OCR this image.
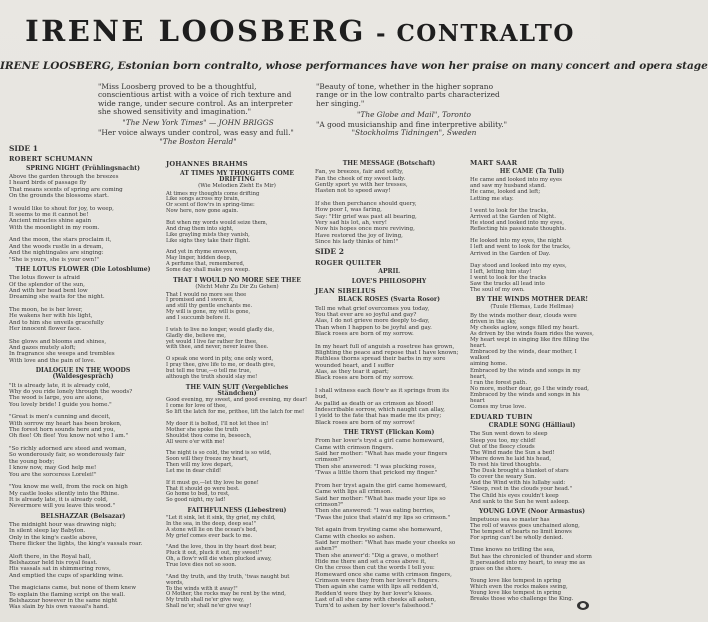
IRENE LOOSBERG - CONTRALTO
IRENE LOOSBERG, Estonian born contralto, whose performances have won her praise on many concert and opera stage

"Miss Loosberg proved to be a thoughtful, conscientious artist with a voice of rich texture and wide range, under secure control. As an interpreter she showed sensitivity and imagination."

"The New York Times" — JOHN BRIGGS

"Her voice always under control, was easy and full."

"The Boston Herald"

"Beauty of tone, whether in the higher soprano range or in the low contralto parts characterized her singing."

"The Globe and Mail", Toronto

"A good musicianship and fine interpretive ability."

"Stockholms Tidningen", Sweden
SIDE 1
ROBERT SCHUMANN
SPRING NIGHT (Frühlingsnacht)
Above the garden through the breezes
I heard birds of passage fly
That means scents of spring are coming
On the grounds the blossoms start.

I would like to shout for joy, to weep,
It seems to me it cannot be!
Ancient miracles shine again
With the moonlight in my room.

And the moon, the stars proclaim it,
And the woods rustle in a dream,
And the nightingales are singing:
"She is yours, she is your own!"
THE LOTUS FLOWER (Die Lotosblume)
The lotus flower is afraid
Of the splendor of the sun,
And with her head bent low
Dreaming she waits for the night.

The moon, he is her lover,
He wakens her with his light,
And to him she unveils gracefully
Her innocent flower face.

She glows and blooms and shines,
And gazes mutely aloft;
In fragrance she weeps and trembles
With love and the pain of love.
DIALOGUE IN THE WOODS (Waldesgespräch)
"It is already late, it is already cold,
Why do you ride lonely through the woods?
The wood is large, you are alone,
You lovely bride! I guide you home."

"Great is men's cunning and deceit,
With sorrow my heart has been broken,
The forest horn sounds here and you,
Oh flee! Oh flee! You know not who I am."

"So richly adorned are steed and woman,
So wonderously fair, so wonderously fair
the young body;
I know now, may God help me!
You are the sorceress Lorelei!"

"You know me well, from the rock on high
My castle looks silently into the Rhine.
It is already late, it is already cold,
Nevermore will you leave this wood."
BELSHAZZAR (Belsazar)
The midnight hour was drawing nigh;
In silent sleep lay Babylon.
Only in the king's castle above,
There flicker the lights, the king's vassals roar.

Aloft there, in the Royal hall,
Belshazzar held his royal feast.
His vassals sat in shimmering rows,
And emptied the cups of sparkling wine.

The magicians came, but none of them knew
To explain the flaming script on the wall.
Belshazzar however in the same night
Was slain by his own vassal's hand.
JOHANNES BRAHMS
AT TIMES MY THOUGHTS COME DRIFTING
(Wie Melodien Zieht Es Mir)
At times my thoughts come drifting
Like songs across my brain,
Or scent of flow'rs in spring-time:
Now here, now gone again.

But when my words would seize them,
And drag them into sight,
Like grayling mists they vanish,
Like sighs they take their flight.

And yet in rhyme enwoven,
May linger, hidden deep,
A perfume that, remembered,
Some day shall make you weep.
THAT I WOULD NO MORE SEE THEE
(Nicht Mehr Zu Dir Zu Gehen)
That I would no more see thee
I promised and I swore it,
and still thy gentle enchants me.
My will is gone, my will is gone,
and I succumb before it.

I wish to live no longer, would gladly die,
Gladly die, believe me,
yet would I live far rather for thee,
with thee, and never, never leave thee.

O speak one word in pity, one only word,
I pray thee, give life to me, or death give,
but tell me true,—o tell me true,
although the truth should slay me!
THE VAIN SUIT (Vergebliches Ständchen)
Good evening, my sweet, and good evening, my dear!
I come for love of thee,
So lift the latch for me, prithee, lift the latch for me!

My door it is bolted, I'll not let thee in!
Mother she spoke the truth
Shouldst thou come in, beseech,
All were o'er with me!

The night is so cold, the wind is so wild,
Soon will they freeze my heart,
Then will my love depart,
Let me in dear child!

If it must go,—let thy love be gone!
That it should go were best.
Go home to bed, to rest,
So good night, my lad!
FAITHFULNESS (Liebestreu)
"Let it sink, let it sink, thy grief, my child,
In the sea, in the deep, deep sea!"
A stone will lie on the ocean's bed,
My grief comes ever back to me.

"And the love, thou in thy heart dost bear,
Pluck it out, pluck it out, my sweet!"
Oh, a flow'r will die when plucked away,
True love dies not so soon.

"And thy truth, and thy truth, 'twas naught but words,
To the winds with it away!"
O Mother, the rocks may be rent by the wind,
My truth shall ne'er give way,
Shall ne'er, shall ne'er give way!
THE MESSAGE (Botschaft)
Fan, ye breezes, fair and softly,
Fan the cheek of my sweet lady.
Gently sport ye with her tresses,
Hasten not to speed away!

If she then perchance should query,
How poor I, was faring,
Say: "Hir grief was past all bearing,
Very sad his lot, ah, very!
Now his hopes once more reviving,
Have restored the joy of living,
Since his lady thinks of him!"
SIDE 2
ROGER QUILTER
APRIL
LOVE'S PHILOSOPHY
JEAN SIBELIUS
BLACK ROSES (Svarta Rosor)
Tell me what grief overcomes you today,
You that ever are so joyful and gay?
Alas, I do not grieve more deeply to-day,
Than when I happen to be joyful and gay.
Black roses are born of my sorrow.

In my heart full of anguish a rosetree has grown,
Blighting the peace and repose that I have known;
Ruthless thorns spread their barbs in my sore
wounded heart, and I suffer
Alas, as they tear it apart;
Black roses are born of my sorrow.

I shall witness each flow'r as it springs from its bud,
As pallid as death or as crimson as blood!
Indescribable sorrow, which naught can allay,
I yield to the fate that has made me its prey;
Black roses are born of my sorrow!
THE TRYST (Flickan Kom)
From her lover's tryst a girl came homeward,
Came with crimson fingers.
Said her mother: "What has made your fingers crimson?"
Then she answered: "I was plucking roses,
'Twas a little thorn that pricked my finger."

From her tryst again the girl came homeward,
Came with lips all crimson.
Said her mother: "What has made your lips so crimson?"
Then she answered: "I was eating berries,
'Twas the juice that stain'd my lips so crimson."

Yet again from trysting came she homeward,
Came with cheeks so ashen.
Said her mother: "What has made your cheeks so ashen?"
Then she answer'd: "Dig a grave, o mother!
Hide me there and set a cross above it,
On the cross then cut the words I tell you:
Homeward once she came with crimson fingers,
Crimson were they from her lover's fingers.
Then again she came with lips all redden'd,
Redden'd were they by her lover's kisses.
Last of all she came with cheeks all ashen,
Turn'd to ashen by her lover's falsehood."
MART SAAR
HE CAME (Ta Tuli)
He came and looked into my eyes
and saw my husband stand.
He came, looked and left;
Letting me stay.

I went to look for the tracks,
Arrived at the Garden of Night.
He stood and looked into my eyes,
Reflecting his passionate thoughts.

He looked into my eyes, the night
I left and went to look for the tracks,
Arrived in the Garden of Day.

Day stood and looked into my eyes,
I left, letting him stay!
I went to look for the tracks
Saw the tracks all lead into
The soul of my own.
BY THE WINDS MOTHER DEAR!
(Tuule Hlemas, Lude Hellmas)
By the winds mother dear, clouds were driven in the sky,
My cheeks aglow, songs filled my heart.
As driven by the winds foam rides the waves,
My heart wept in singing like fire filling the heart.
Embraced by the winds, dear mother, I walked
aiming home.
Embraced by the winds and songs in my heart,
I ran the forest path.
No more, mother dear, go I the windy road,
Embraced by the winds and songs in his heart
Comes my true love.
EDUARD TUBIN
CRADLE SONG (Hälliaul)
The Sun went down to sleep
Sleep you too, my child!
Out of the fleecy clouds
The Wind made the Sun a bed!
Where down he laid his head,
To rest his tired thoughts.
The Dusk brought a blanket of stars
To cover the weary Sun.
And the Wind with his lullaby said:
"Sleep, rest in the clouds your head."
The Child his eyes couldn't keep
And sank to the Sun he went asleep.
YOUNG LOVE (Noor Armastus)
Impetuous sea so master has
The roll of waves goes unchained along,
The tempest of hearts no limit knows
For spring can't be wholly denied.

Time knows no trifling the sea,
But has the chronicled of thunder and storm
It persuaded into my heart, to sway me as
grass on the shore.

Young love like tempest in spring
Which even the rocks makes swing,
Young love like tempest in spring
Breaks those who challenge the King.
